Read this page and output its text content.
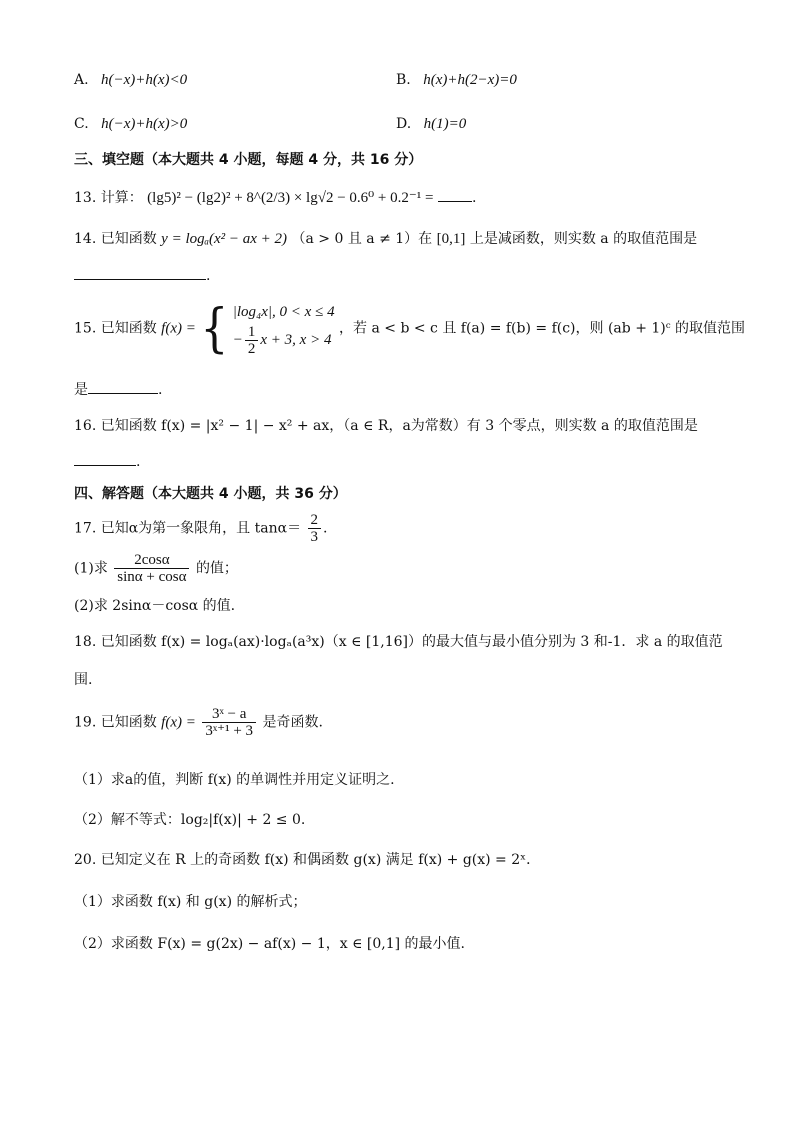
A. h(−x)+h(x)<0	B. h(x)+h(2−x)=0
C. h(−x)+h(x)>0	D. h(1)=0
三、填空题（本大题共 4 小题，每题 4 分，共 16 分）
13. 计算： (lg5)² − (lg2)² + 8^(2/3) × lg√2 − 0.6⁰ + 0.2⁻¹ =	.
14. 已知函数 y = logₐ(x² − ax + 2) （a > 0 且 a ≠ 1）在 [0,1] 上是减函数，则实数 a 的取值范围是
.
15. 已知函数 f(x) = { |log₄x|, 0 < x ≤ 4
− $\frac{1}{2}$ x + 3, x > 4
，若 a < b < c 且 f(a) = f(b) = f(c)，则 (ab + 1)ᶜ 的取值范围
是	.
16. 已知函数 f(x) = |x² − 1| − x² + ax，（a ∈ R，a为常数）有 3 个零点，则实数 a 的取值范围是
.
四、解答题（本大题共 4 小题，共 36 分）
17. 已知α为第一象限角，且 $\tan\alpha= \frac{2}{3}$ .
(1)求 $\frac{2\cos\alpha}{\sin\alpha + \cos\alpha}$ 的值；
(2)求 2sinα－cosα 的值.
18. 已知函数 f(x) = logₐ(ax)·logₐ(a³x)（x ∈ [1,16]）的最大值与最小值分别为 3 和-1．求 a 的取值范
围.
19. 已知函数 $f(x) = \frac{\text{3ˣ − a}}{\text{3ˣ⁺¹ + 3}}$ 是奇函数.
（1）求a的值，判断 f(x) 的单调性并用定义证明之.
（2）解不等式：log₂|f(x)| + 2 ≤ 0.
20. 已知定义在 R 上的奇函数 f(x) 和偶函数 g(x) 满足 f(x) + g(x) = 2ˣ．
（1）求函数 f(x) 和 g(x) 的解析式；
（2）求函数 F(x) = g(2x) − af(x) − 1，x ∈ [0,1] 的最小值.
